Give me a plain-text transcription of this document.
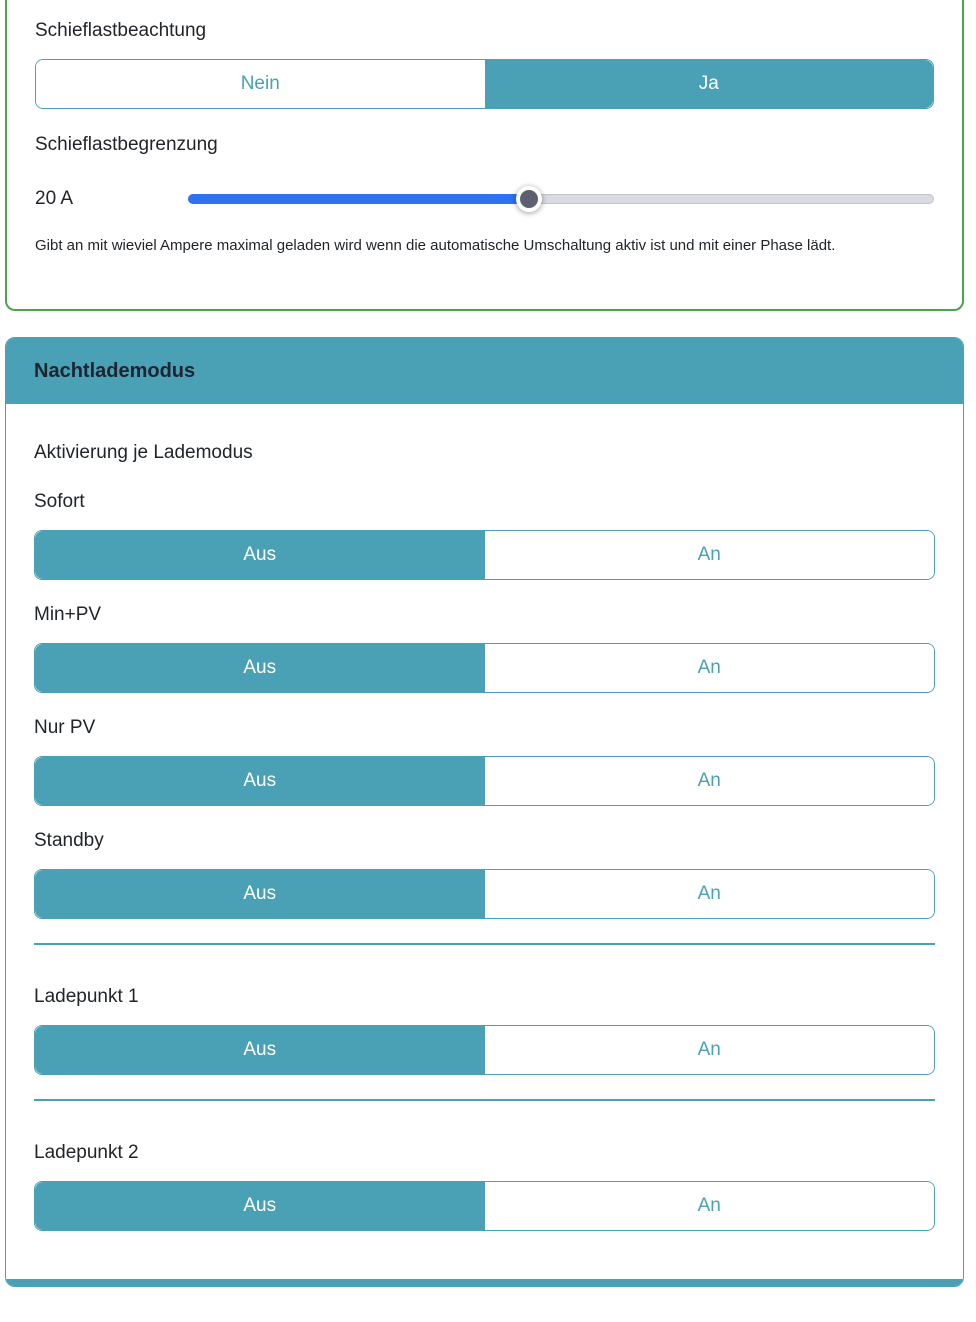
Schieflastbeachtung
Nein	Ja
Schieflastbegrenzung
20 A
Gibt an mit wieviel Ampere maximal geladen wird wenn die automatische Umschaltung aktiv ist und mit einer Phase lädt.
Nachtlademodus
Aktivierung je Lademodus
Sofort
Aus	An
Min+PV
Aus	An
Nur PV
Aus	An
Standby
Aus	An
Ladepunkt 1
Aus	An
Ladepunkt 2
Aus	An
